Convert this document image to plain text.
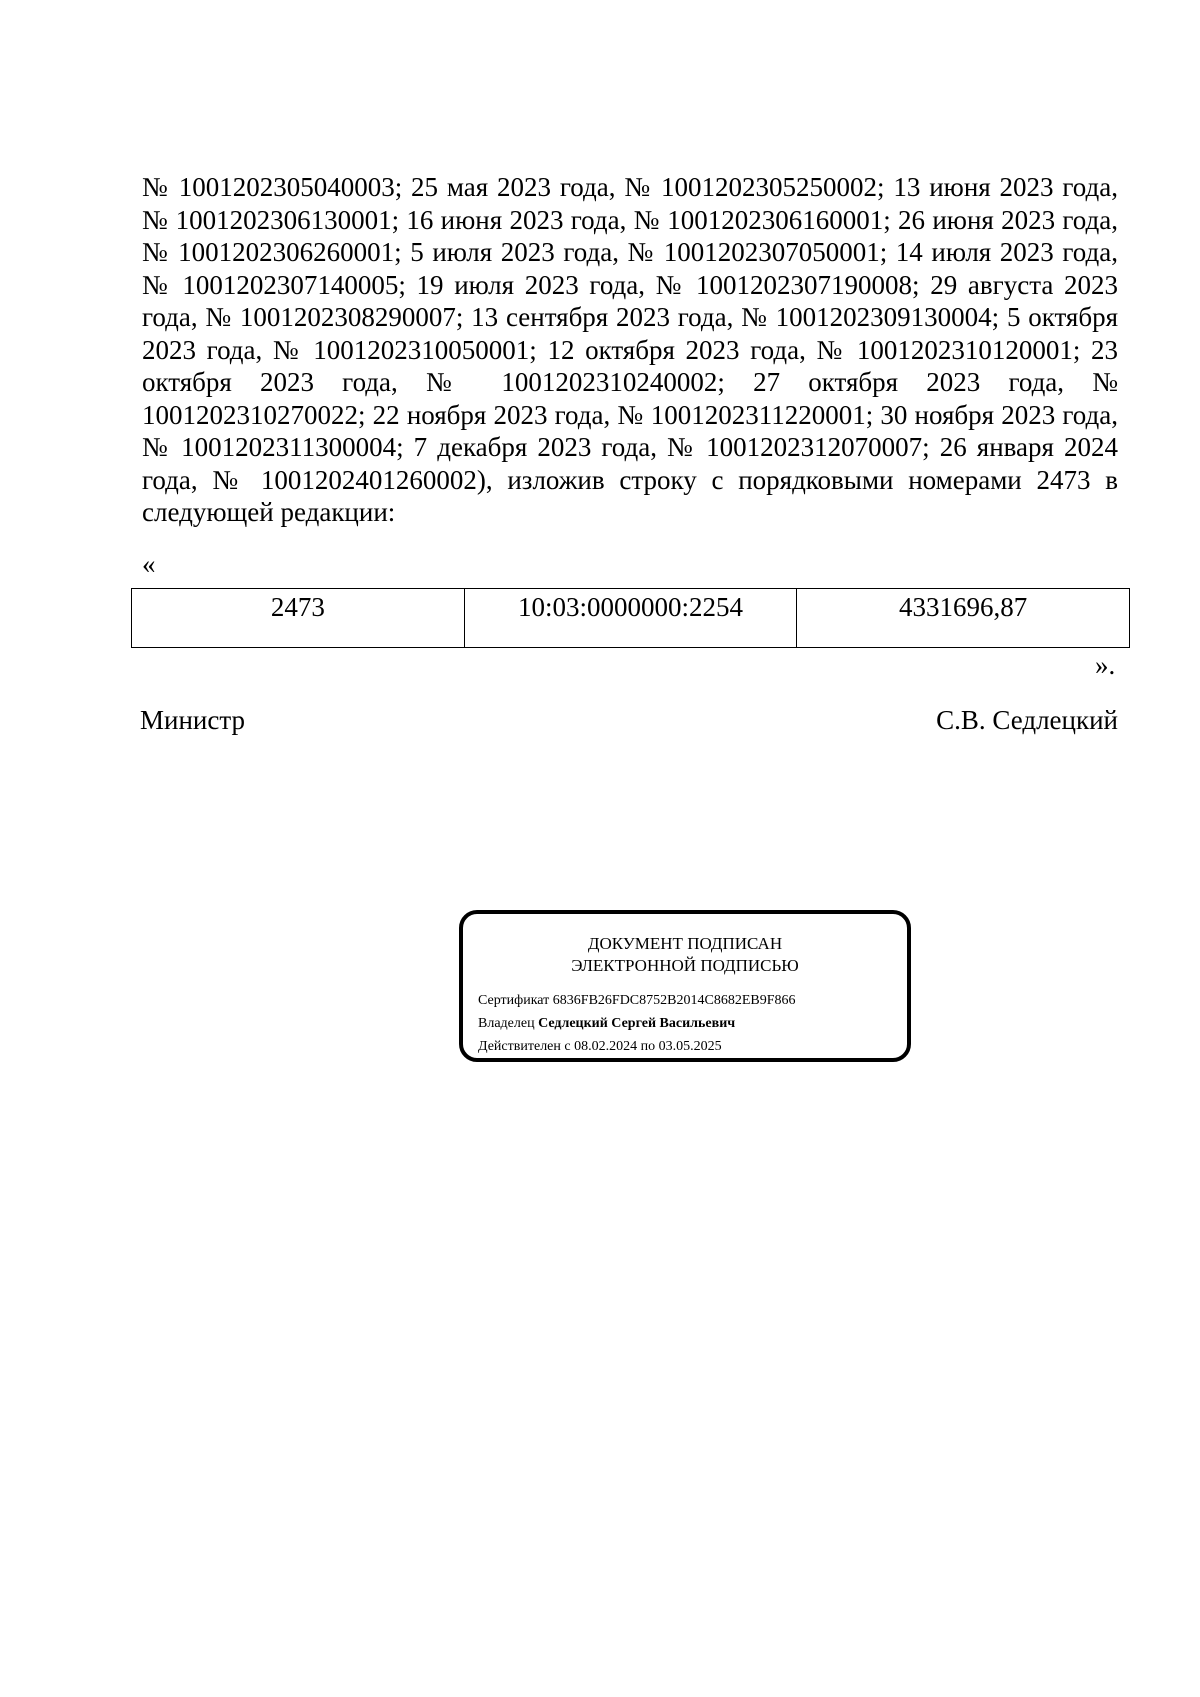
№ 1001202305040003; 25 мая 2023 года, № 1001202305250002; 13 июня 2023 года, № 1001202306130001; 16 июня 2023 года, № 1001202306160001; 26 июня 2023 года, № 1001202306260001; 5 июля 2023 года, № 1001202307050001; 14 июля 2023 года, № 1001202307140005; 19 июля 2023 года, № 1001202307190008; 29 августа 2023 года, № 1001202308290007; 13 сентября 2023 года, № 1001202309130004; 5 октября 2023 года, № 1001202310050001; 12 октября 2023 года, № 1001202310120001; 23 октября 2023 года, № 1001202310240002; 27 октября 2023 года, № 1001202310270022; 22 ноября 2023 года, № 1001202311220001; 30 ноября 2023 года, № 1001202311300004; 7 декабря 2023 года, № 1001202312070007; 26 января 2024 года, № 1001202401260002), изложив строку с порядковыми номерами 2473 в следующей редакции:

«
2473	10:03:0000000:2254	4331696,87
».
Министр	С.В. Седлецкий
ДОКУМЕНТ ПОДПИСАН
ЭЛЕКТРОННОЙ ПОДПИСЬЮ
Сертификат 6836FB26FDC8752B2014C8682EB9F866
Владелец Седлецкий Сергей Васильевич
Действителен с 08.02.2024 по 03.05.2025
